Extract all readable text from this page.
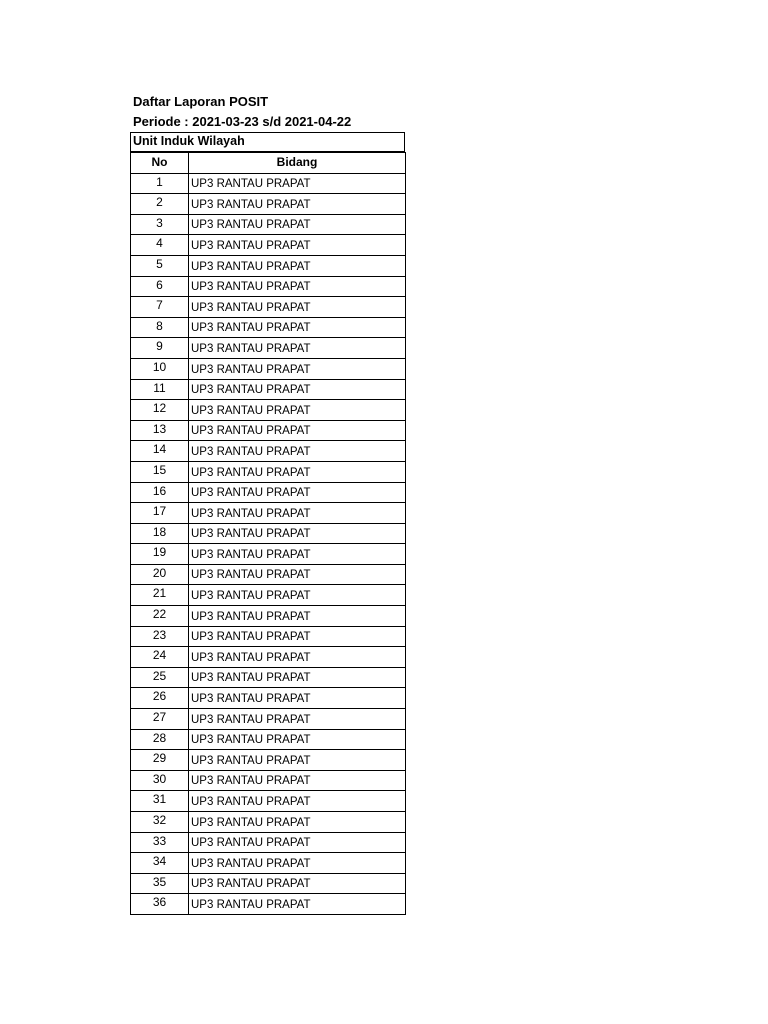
Daftar Laporan POSIT
Periode : 2021-03-23 s/d 2021-04-22
Unit Induk Wilayah
No	Bidang
1	UP3 RANTAU PRAPAT
2	UP3 RANTAU PRAPAT
3	UP3 RANTAU PRAPAT
4	UP3 RANTAU PRAPAT
5	UP3 RANTAU PRAPAT
6	UP3 RANTAU PRAPAT
7	UP3 RANTAU PRAPAT
8	UP3 RANTAU PRAPAT
9	UP3 RANTAU PRAPAT
10	UP3 RANTAU PRAPAT
11	UP3 RANTAU PRAPAT
12	UP3 RANTAU PRAPAT
13	UP3 RANTAU PRAPAT
14	UP3 RANTAU PRAPAT
15	UP3 RANTAU PRAPAT
16	UP3 RANTAU PRAPAT
17	UP3 RANTAU PRAPAT
18	UP3 RANTAU PRAPAT
19	UP3 RANTAU PRAPAT
20	UP3 RANTAU PRAPAT
21	UP3 RANTAU PRAPAT
22	UP3 RANTAU PRAPAT
23	UP3 RANTAU PRAPAT
24	UP3 RANTAU PRAPAT
25	UP3 RANTAU PRAPAT
26	UP3 RANTAU PRAPAT
27	UP3 RANTAU PRAPAT
28	UP3 RANTAU PRAPAT
29	UP3 RANTAU PRAPAT
30	UP3 RANTAU PRAPAT
31	UP3 RANTAU PRAPAT
32	UP3 RANTAU PRAPAT
33	UP3 RANTAU PRAPAT
34	UP3 RANTAU PRAPAT
35	UP3 RANTAU PRAPAT
36	UP3 RANTAU PRAPAT
